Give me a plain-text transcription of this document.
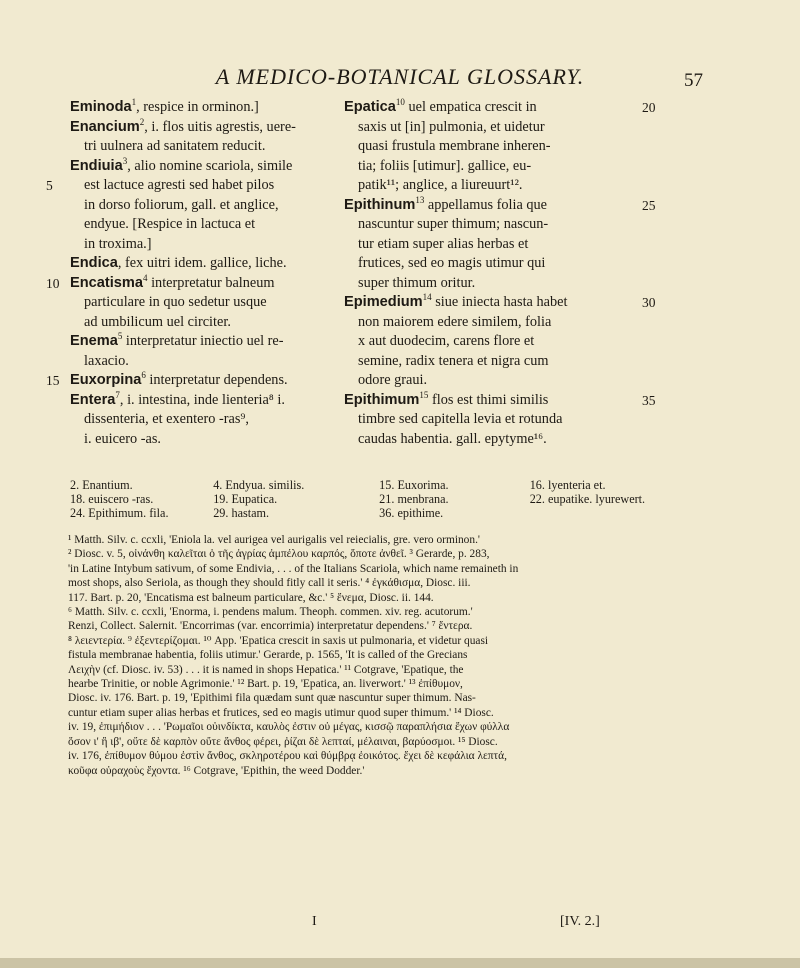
A MEDICO-BOTANICAL GLOSSARY.	57
Eminoda$^1$, respice in orminon.]
Enancium$^2$, i. flos uitis agrestis, uere-
tri uulnera ad sanitatem reducit.
Endiuia$^3$, alio nomine scariola, simile
5 est lactuce agresti sed habet pilos
in dorso foliorum, gall. et anglice,
endyue. [Respice in lactuca et
in troxima.]
Endica, fex uitri idem. gallice, liche.
10 Encatisma$^4$ interpretatur balneum
particulare in quo sedetur usque
ad umbilicum uel circiter.
Enema$^5$ interpretatur iniectio uel re-
laxacio.
15 Euxorpina$^6$ interpretatur dependens.
Entera$^7$, i. intestina, inde lienteria⁸ i.
dissenteria, et exentero -ras⁹,
i. euicero -as.
20
Epatica$^{10}$ uel empatica crescit in
saxis ut [in] pulmonia, et uidetur
quasi frustula membrane inheren-
tia; foliis [utimur]. gallice, eu-
patik¹¹; anglice, a liureuurt¹².
25
Epithinum$^{13}$ appellamus folia que
nascuntur super thimum; nascun-
tur etiam super alias herbas et
frutices, sed eo magis utimur qui
super thimum oritur.
30
Epimedium$^{14}$ siue iniecta hasta habet
non maiorem edere similem, folia
x aut duodecim, carens flore et
semine, radix tenera et nigra cum
odore graui.
35
Epithimum$^{15}$ flos est thimi similis
timbre sed capitella levia et rotunda
caudas habentia. gall. epytyme¹⁶.
2. Enantium.	4. Endyua. similis.	15. Euxorima.	16. lyenteria et.
18. euiscero -ras.	19. Eupatica.	21. menbrana.	22. eupatike. lyurewert.
24. Epithimum. fila.	29. hastam.	36. epithime.	
¹ Matth. Silv. c. ccxli, 'Eniola la. vel aurigea vel aurigalis vel reiecialis, gre. vero orminon.'
² Diosc. v. 5, οἰνάνθη καλεῖται ὁ τῆς ἀγρίας ἀμπέλου καρπός, ὅποτε ἀνθεῖ. ³ Gerarde, p. 283,
'in Latine Intybum sativum, of some Endivia, . . . of the Italians Scariola, which name remaineth in
most shops, also Seriola, as though they should fitly call it seris.' ⁴ ἐγκάθισμα, Diosc. iii.
117. Bart. p. 20, 'Encatisma est balneum particulare, &c.' ⁵ ἔνεμα, Diosc. ii. 144.
⁶ Matth. Silv. c. ccxli, 'Enorma, i. pendens malum. Theoph. commen. xiv. reg. acutorum.'
Renzi, Collect. Salernit. 'Encorrimas (var. encorrimia) interpretatur dependens.' ⁷ ἔντερα.
⁸ λειεντερία. ⁹ ἐξεντερίζομαι. ¹⁰ App. 'Epatica crescit in saxis ut pulmonaria, et videtur quasi
fistula membranae habentia, foliis utimur.' Gerarde, p. 1565, 'It is called of the Grecians
Λειχὴν (cf. Diosc. iv. 53) . . . it is named in shops Hepatica.' ¹¹ Cotgrave, 'Epatique, the
hearbe Trinitie, or noble Agrimonie.' ¹² Bart. p. 19, 'Epatica, an. liverwort.' ¹³ ἐπίθυμον,
Diosc. iv. 176. Bart. p. 19, 'Epithimi fila quædam sunt quæ nascuntur super thimum. Nas-
cuntur etiam super alias herbas et frutices, sed eo magis utimur quod super thimum.' ¹⁴ Diosc.
iv. 19, ἐπιμήδιον . . . 'Ρωμαῖοι οὐινδίκτα, καυλὸς ἐστιν οὐ μέγας, κισσῷ παραπλήσια ἔχων φύλλα
ὅσον ι' ἢ ιβ', οὔτε δὲ καρπὸν οὔτε ἄνθος φέρει, ῥίζαι δὲ λεπταί, μέλαιναι, βαρύοσμοι. ¹⁵ Diosc.
iv. 176, ἐπίθυμον θύμου ἐστὶν ἄνθος, σκληροτέρου καὶ θύμβρᾳ ἐοικότος. ἔχει δὲ κεφάλια λεπτά,
κοῦφα οὐραχοὺς ἔχοντα. ¹⁶ Cotgrave, 'Epithin, the weed Dodder.'
I	[IV. 2.]
